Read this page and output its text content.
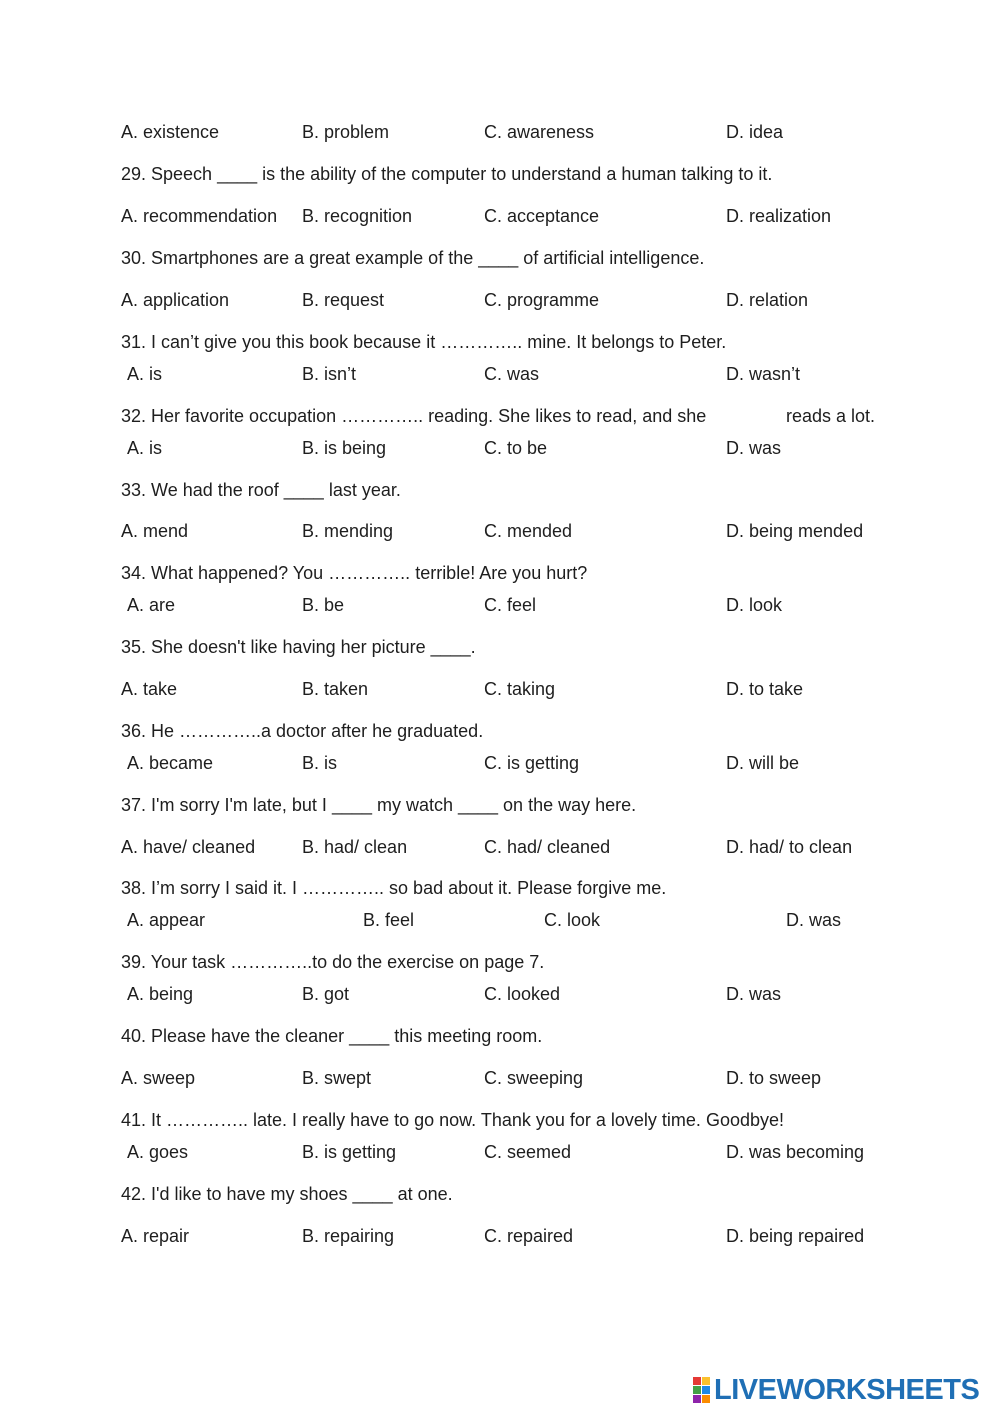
A. existence	B. problem	C. awareness	D. idea
29. Speech ____ is the ability of the computer to understand a human talking to it.
A. recommendation B. recognition	C. acceptance	D. realization
30. Smartphones are a great example of the ____ of artificial intelligence.
A. application	B. request	C. programme	D. relation
31. I can’t give you this book because it ………….. mine. It belongs to Peter.
A. is	B. isn’t	C. was	D. wasn’t
32. Her favorite occupation ………….. reading. She likes to read, and she	reads a lot.
A. is	B. is being	C. to be	D. was
33. We had the roof ____ last year.
A. mend	B. mending	C. mended	D. being mended
34. What happened? You ………….. terrible! Are you hurt?
A. are	B. be	C. feel	D. look
35. She doesn't like having her picture ____.
A. take	B. taken	C. taking	D. to take
36. He …………..a doctor after he graduated.
A. became	B. is	C. is getting	D. will be
37. I'm sorry I'm late, but I ____ my watch ____ on the way here.
A. have/ cleaned	B. had/ clean	C. had/ cleaned	D. had/ to clean
38. I’m sorry I said it. I ………….. so bad about it. Please forgive me.
A. appear	B. feel	C. look	D. was
39. Your task …………..to do the exercise on page 7.
A. being	B. got	C. looked	D. was
40. Please have the cleaner ____ this meeting room.
A. sweep	B. swept	C. sweeping	D. to sweep
41. It ………….. late. I really have to go now. Thank you for a lovely time. Goodbye!
A. goes	B. is getting	C. seemed	D. was becoming
42. I'd like to have my shoes ____ at one.
A. repair	B. repairing	C. repaired	D. being repaired
LIVEWORKSHEETS
